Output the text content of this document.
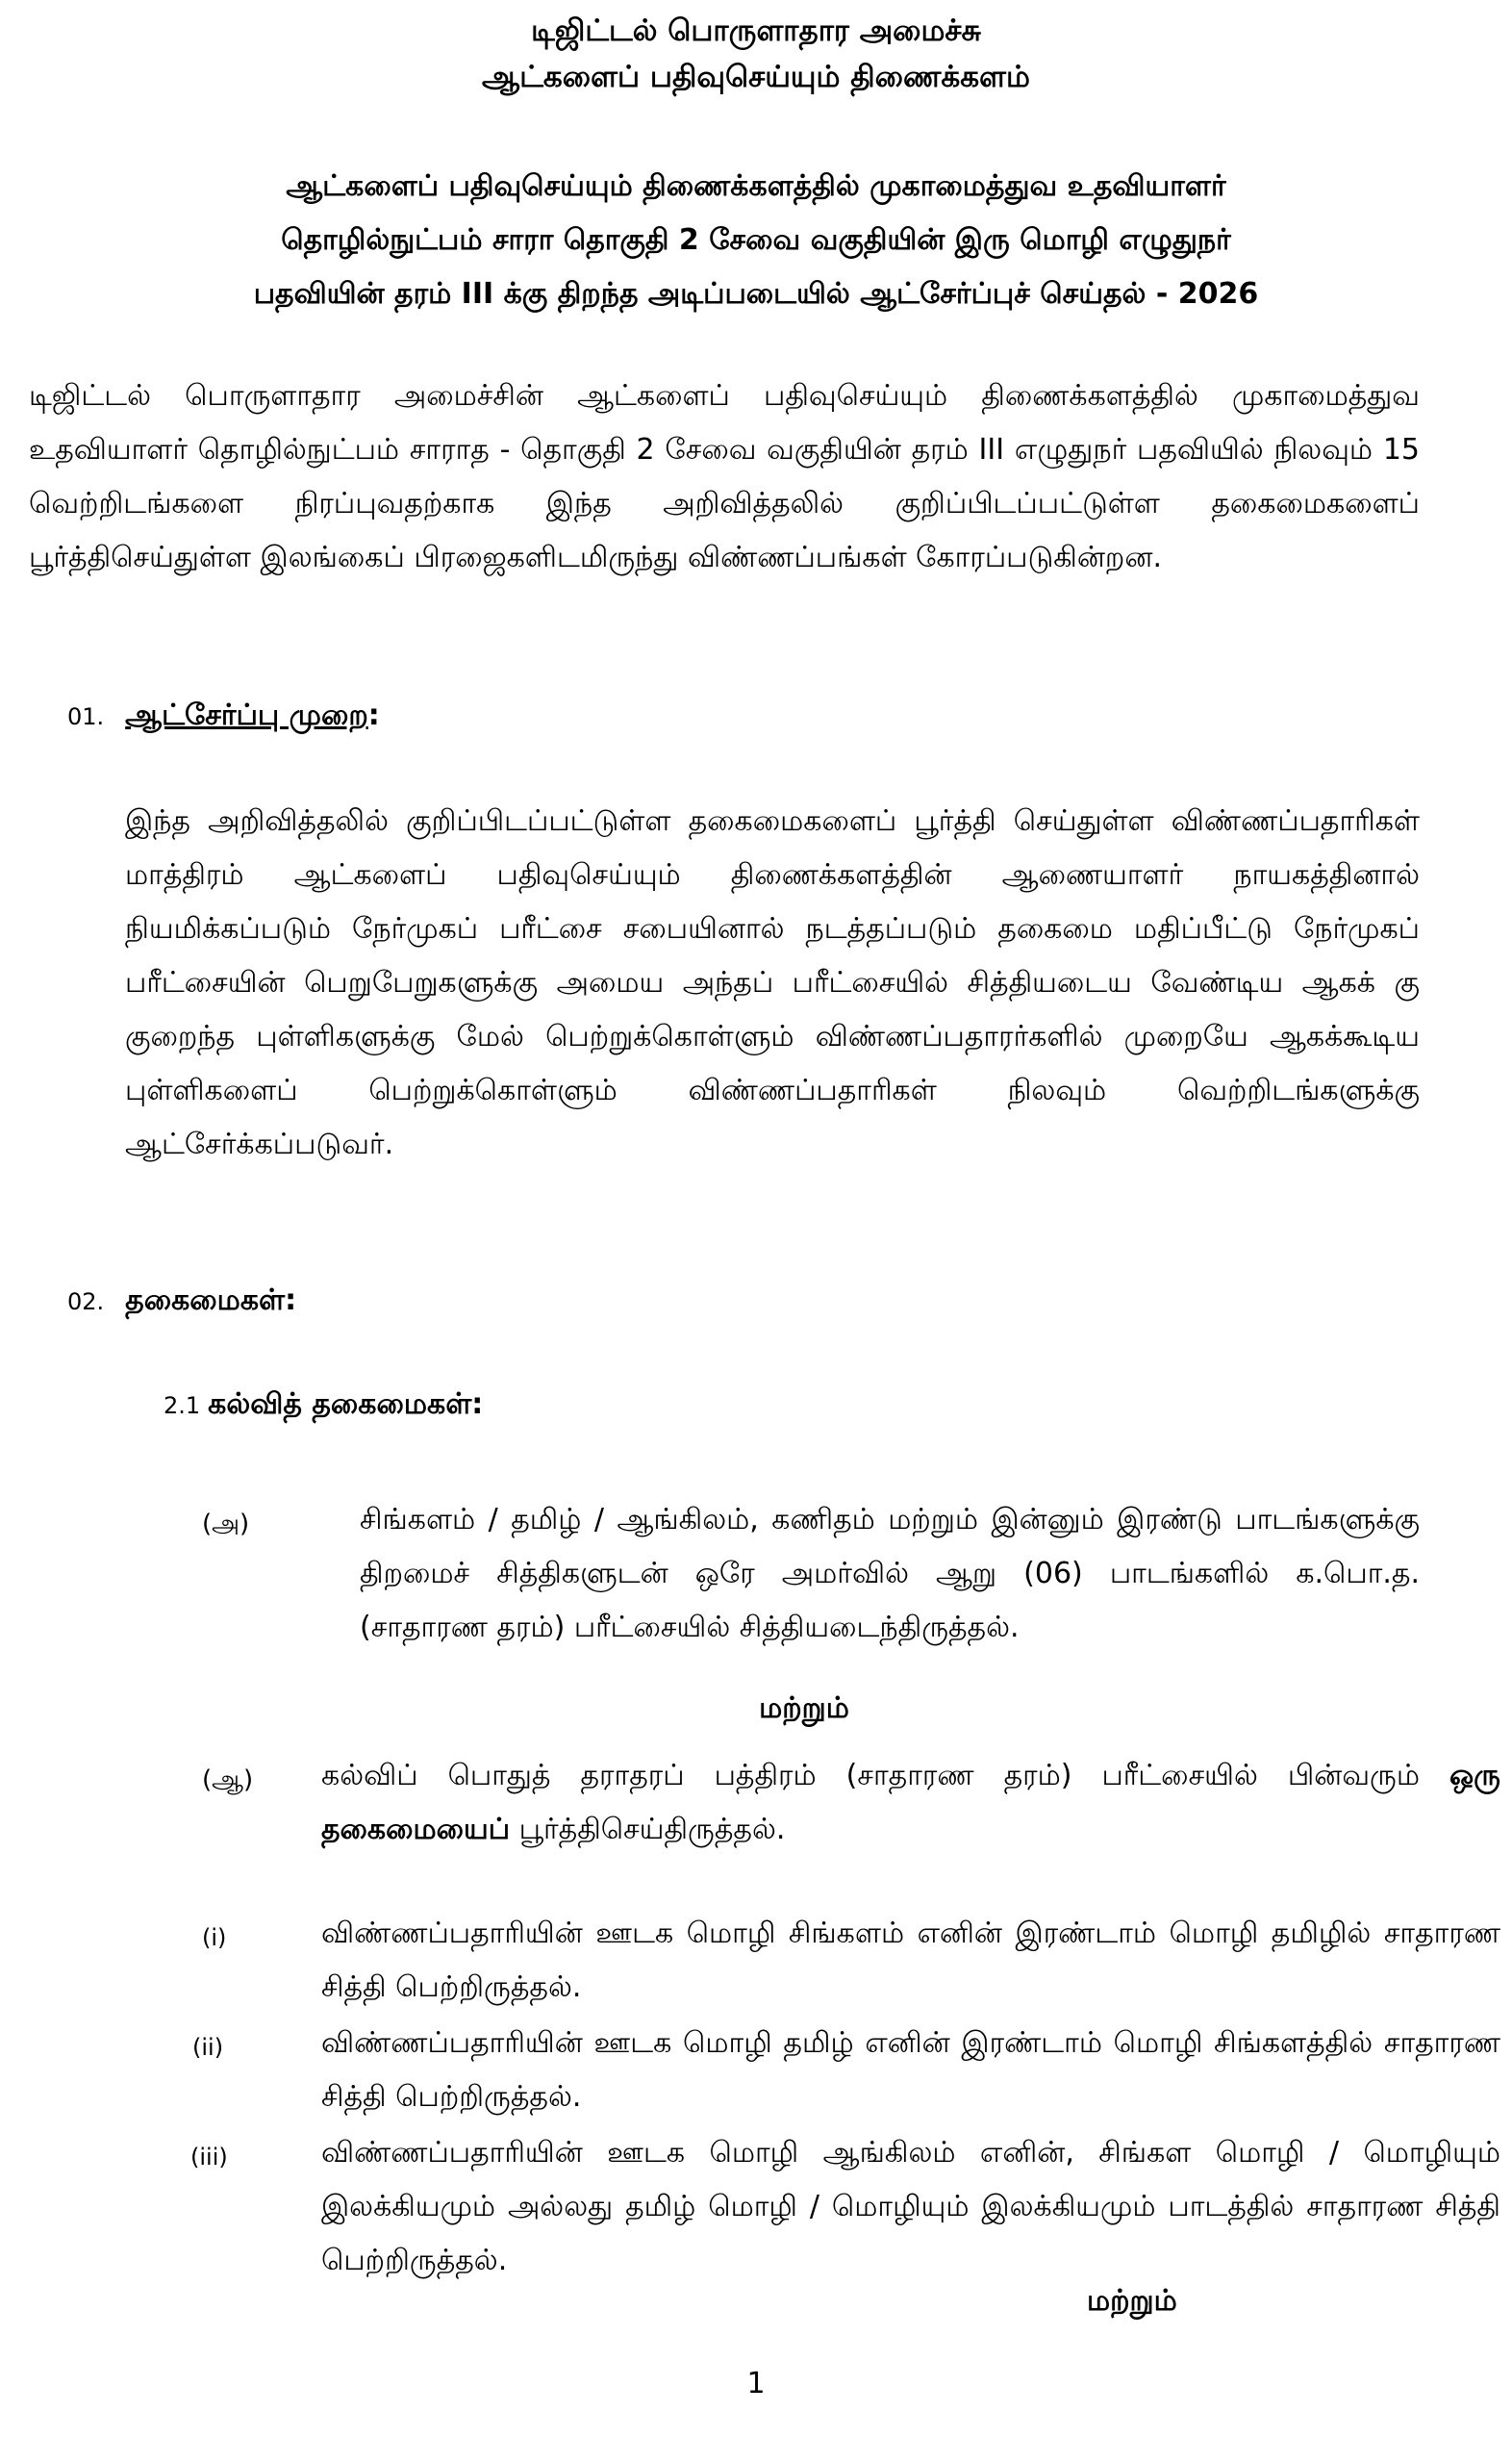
டிஜிட்டல் பொருளாதார அமைச்சு
ஆட்களைப் பதிவுசெய்யும் திணைக்களம்
ஆட்களைப் பதிவுசெய்யும் திணைக்களத்தில் முகாமைத்துவ உதவியாளர்
தொழில்நுட்பம் சாரா தொகுதி 2 சேவை வகுதியின் இரு மொழி எழுதுநர்
பதவியின் தரம் III க்கு திறந்த அடிப்படையில் ஆட்சேர்ப்புச் செய்தல் - 2026
டிஜிட்டல் பொருளாதார அமைச்சின் ஆட்களைப் பதிவுசெய்யும் திணைக்களத்தில் முகாமைத்துவ உதவியாளர் தொழில்நுட்பம் சாராத - தொகுதி 2 சேவை வகுதியின் தரம் III எழுதுநர் பதவியில் நிலவும் 15 வெற்றிடங்களை நிரப்புவதற்காக இந்த அறிவித்தலில் குறிப்பிடப்பட்டுள்ள தகைமைகளைப் பூர்த்திசெய்துள்ள இலங்கைப் பிரஜைகளிடமிருந்து விண்ணப்பங்கள் கோரப்படுகின்றன.
01. ஆட்சேர்ப்பு முறை:
இந்த அறிவித்தலில் குறிப்பிடப்பட்டுள்ள தகைமைகளைப் பூர்த்தி செய்துள்ள விண்ணப்பதாரிகள் மாத்திரம் ஆட்களைப் பதிவுசெய்யும் திணைக்களத்தின் ஆணையாளர் நாயகத்தினால் நியமிக்கப்படும் நேர்முகப் பரீட்சை சபையினால் நடத்தப்படும் தகைமை மதிப்பீட்டு நேர்முகப் பரீட்சையின் பெறுபேறுகளுக்கு அமைய அந்தப் பரீட்சையில் சித்தியடைய வேண்டிய ஆகக் கு குறைந்த புள்ளிகளுக்கு மேல் பெற்றுக்கொள்ளும் விண்ணப்பதாரர்களில் முறையே ஆகக்கூடிய புள்ளிகளைப் பெற்றுக்கொள்ளும் விண்ணப்பதாரிகள் நிலவும் வெற்றிடங்களுக்கு ஆட்சேர்க்கப்படுவர்.
02. தகைமைகள்:
2.1 கல்வித் தகைமைகள்:
(அ)	சிங்களம் / தமிழ் / ஆங்கிலம், கணிதம் மற்றும் இன்னும் இரண்டு பாடங்களுக்கு திறமைச் சித்திகளுடன் ஒரே அமர்வில் ஆறு (06) பாடங்களில் க.பொ.த. (சாதாரண தரம்) பரீட்சையில் சித்தியடைந்திருத்தல்.
மற்றும்
(ஆ) கல்விப் பொதுத் தராதரப் பத்திரம் (சாதாரண தரம்) பரீட்சையில் பின்வரும் ஒரு தகைமையைப் பூர்த்திசெய்திருத்தல்.
(i)	விண்ணப்பதாரியின் ஊடக மொழி சிங்களம் எனின் இரண்டாம் மொழி தமிழில் சாதாரண சித்தி பெற்றிருத்தல்.
(ii)	விண்ணப்பதாரியின் ஊடக மொழி தமிழ் எனின் இரண்டாம் மொழி சிங்களத்தில் சாதாரண சித்தி பெற்றிருத்தல்.
(iii)	விண்ணப்பதாரியின் ஊடக மொழி ஆங்கிலம் எனின், சிங்கள மொழி / மொழியும் இலக்கியமும் அல்லது தமிழ் மொழி / மொழியும் இலக்கியமும் பாடத்தில் சாதாரண சித்தி பெற்றிருத்தல்.
மற்றும்
1
